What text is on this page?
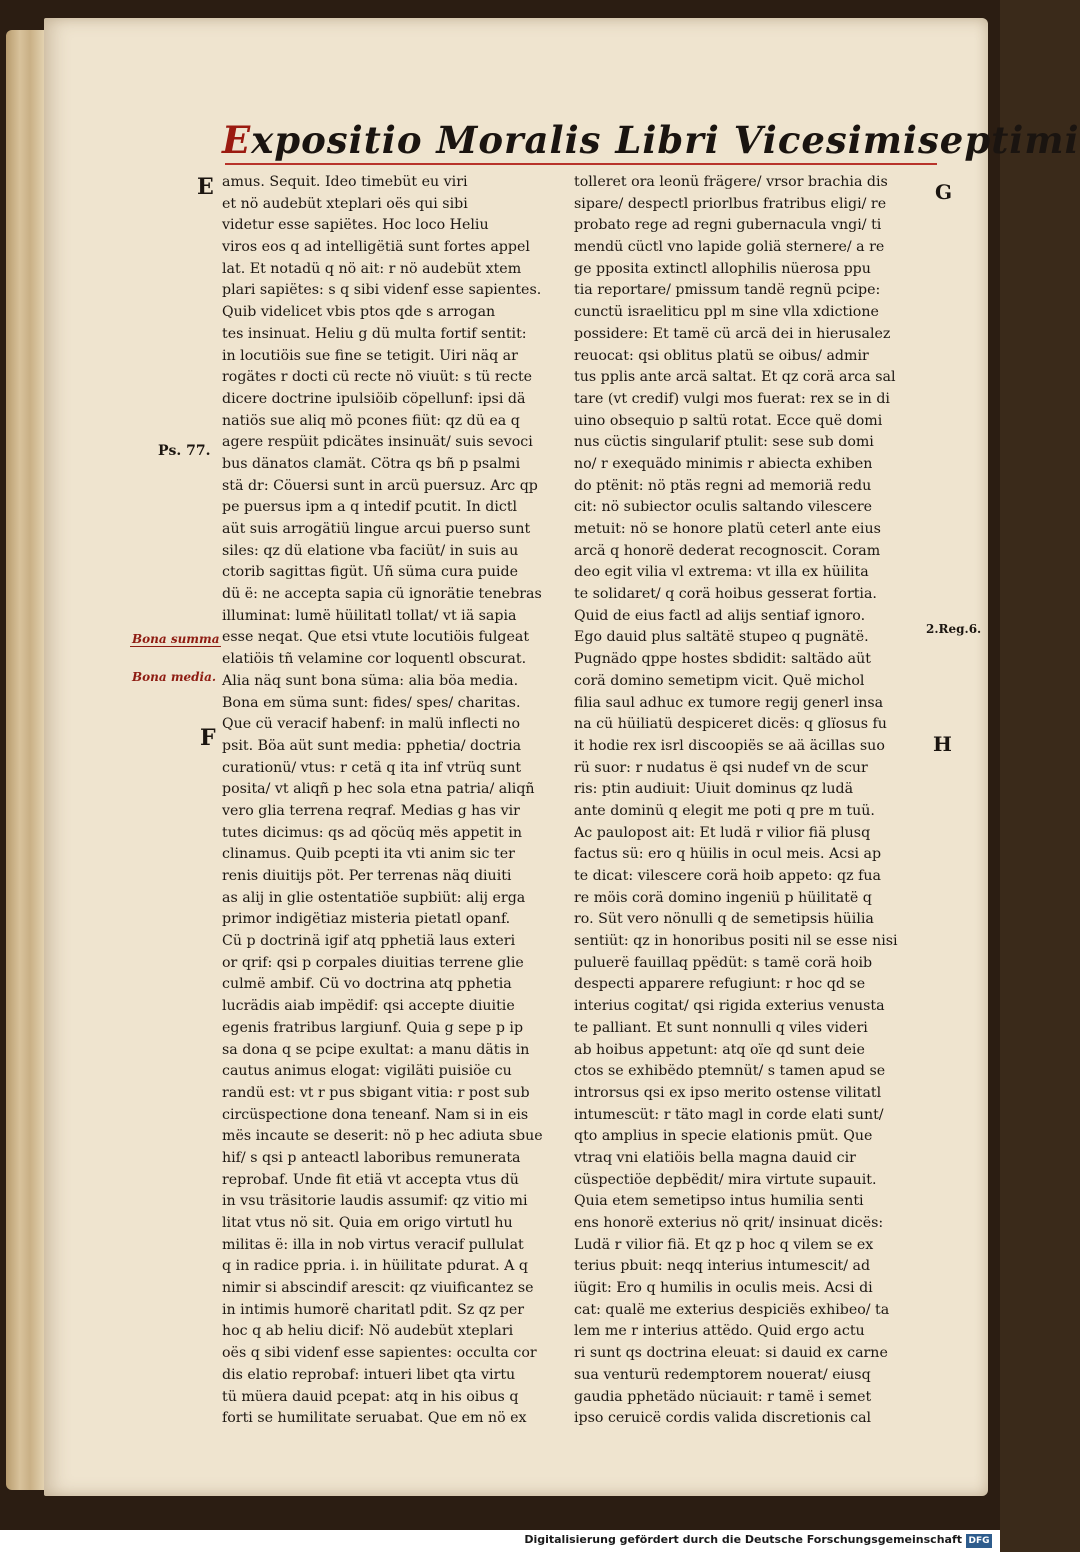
Expositio Moralis Libri Vicesimiseptimi
E
F
G
H
Ps. 77.
2.Reg.6.
Bona summa
Bona media.
amus. Sequit. Ideo timebüt eu viri
et nö audebüt xteplari oës qui sibi
videtur esse sapiëtes. Hoc loco Heliu
viros eos q ad intelligëtiä sunt fortes appel
lat. Et notadü q nö ait: r nö audebüt xtem
plari sapiëtes: s q sibi videnf esse sapientes.
Quib videlicet vbis ptos qde s arrogan
tes insinuat. Heliu g dü multa fortif sentit:
in locutiöis sue fine se tetigit. Uiri näq ar
rogätes r docti cü recte nö viuüt: s tü recte
dicere doctrine ipulsiöib cöpellunf: ipsi dä
natiös sue aliq mö pcones fiüt: qz dü ea q
agere respüit pdicätes insinuät/ suis sevoci
bus dänatos clamät. Cötra qs bñ p psalmi
stä dr: Cöuersi sunt in arcü puersuz. Arc qp
pe puersus ipm a q intedif pcutit. In dictl
aüt suis arrogätiü lingue arcui puerso sunt
siles: qz dü elatione vba faciüt/ in suis au
ctorib sagittas figüt. Uñ süma cura puide
dü ë: ne accepta sapia cü ignorätie tenebras
illuminat: lumë hüilitatl tollat/ vt iä sapia
esse neqat. Que etsi vtute locutiöis fulgeat
elatiöis tñ velamine cor loquentl obscurat.
Alia näq sunt bona süma: alia böa media.
Bona em süma sunt: fides/ spes/ charitas.
Que cü veracif habenf: in malü inflecti no
psit. Böa aüt sunt media: pphetia/ doctria
curationü/ vtus: r cetä q ita inf vtrüq sunt
posita/ vt aliqñ p hec sola etna patria/ aliqñ
vero glia terrena reqraf. Medias g has vir
tutes dicimus: qs ad qöcüq mës appetit in
clinamus. Quib pcepti ita vti anim sic ter
renis diuitijs pöt. Per terrenas näq diuiti
as alij in glie ostentatiöe supbiüt: alij erga
primor indigëtiaz misteria pietatl opanf.
Cü p doctrinä igif atq pphetiä laus exteri
or qrif: qsi p corpales diuitias terrene glie
culmë ambif. Cü vo doctrina atq pphetia
lucrädis aiab impëdif: qsi accepte diuitie
egenis fratribus largiunf. Quia g sepe p ip
sa dona q se pcipe exultat: a manu dätis in
cautus animus elogat: vigiläti puisiöe cu
randü est: vt r pus sbigant vitia: r post sub
circüspectione dona teneanf. Nam si in eis
mës incaute se deserit: nö p hec adiuta sbue
hif/ s qsi p anteactl laboribus remunerata
reprobaf. Unde fit etiä vt accepta vtus dü
in vsu träsitorie laudis assumif: qz vitio mi
litat vtus nö sit. Quia em origo virtutl hu
militas ë: illa in nob virtus veracif pullulat
q in radice ppria. i. in hüilitate pdurat. A q
nimir si abscindif arescit: qz viuificantez se
in intimis humorë charitatl pdit. Sz qz per
hoc q ab heliu dicif: Nö audebüt xteplari
oës q sibi videnf esse sapientes: occulta cor
dis elatio reprobaf: intueri libet qta virtu
tü müera dauid pcepat: atq in his oibus q
forti se humilitate seruabat. Que em nö ex
tolleret ora leonü frägere/ vrsor brachia dis
sipare/ despectl priorlbus fratribus eligi/ re
probato rege ad regni gubernacula vngi/ ti
mendü cüctl vno lapide goliä sternere/ a re
ge pposita extinctl allophilis nüerosa ppu
tia reportare/ pmissum tandë regnü pcipe:
cunctü israeliticu ppl m sine vlla xdictione
possidere: Et tamë cü arcä dei in hierusalez
reuocat: qsi oblitus platü se oibus/ admir
tus pplis ante arcä saltat. Et qz corä arca sal
tare (vt credif) vulgi mos fuerat: rex se in di
uino obsequio p saltü rotat. Ecce quë domi
nus cüctis singularif ptulit: sese sub domi
no/ r exequädo minimis r abiecta exhiben
do ptënit: nö ptäs regni ad memoriä redu
cit: nö subiector oculis saltando vilescere
metuit: nö se honore platü ceterl ante eius
arcä q honorë dederat recognoscit. Coram
deo egit vilia vl extrema: vt illa ex hüilita
te solidaret/ q corä hoibus gesserat fortia.
Quid de eius factl ad alijs sentiaf ignoro.
Ego dauid plus saltätë stupeo q pugnätë.
Pugnädo qppe hostes sbdidit: saltädo aüt
corä domino semetipm vicit. Quë michol
filia saul adhuc ex tumore regij generl insa
na cü hüiliatü despiceret dicës: q glïosus fu
it hodie rex isrl discoopiës se aä äcillas suo
rü suor: r nudatus ë qsi nudef vn de scur
ris: ptin audiuit: Uiuit dominus qz ludä
ante dominü q elegit me poti q pre m tuü.
Ac paulopost ait: Et ludä r vilior fiä plusq
factus sü: ero q hüilis in ocul meis. Acsi ap
te dicat: vilescere corä hoib appeto: qz fua
re möis corä domino ingeniü p hüilitatë q
ro. Süt vero nönulli q de semetipsis hüilia
sentiüt: qz in honoribus positi nil se esse nisi
puluerë fauillaq ppëdüt: s tamë corä hoib
despecti apparere refugiunt: r hoc qd se
interius cogitat/ qsi rigida exterius venusta
te palliant. Et sunt nonnulli q viles videri
ab hoibus appetunt: atq oïe qd sunt deie
ctos se exhibëdo ptemnüt/ s tamen apud se
introrsus qsi ex ipso merito ostense vilitatl
intumescüt: r täto magl in corde elati sunt/
qto amplius in specie elationis pmüt. Que
vtraq vni elatiöis bella magna dauid cir
cüspectiöe depbëdit/ mira virtute supauit.
Quia etem semetipso intus humilia senti
ens honorë exterius nö qrit/ insinuat dicës:
Ludä r vilior fiä. Et qz p hoc q vilem se ex
terius pbuit: neqq interius intumescit/ ad
iügit: Ero q humilis in oculis meis. Acsi di
cat: qualë me exterius despiciës exhibeo/ ta
lem me r interius attëdo. Quid ergo actu
ri sunt qs doctrina eleuat: si dauid ex carne
sua venturü redemptorem nouerat/ eiusq
gaudia pphetädo nüciauit: r tamë i semet
ipso ceruicë cordis valida discretionis cal
Digitalisierung gefördert durch die Deutsche Forschungsgemeinschaft DFG
